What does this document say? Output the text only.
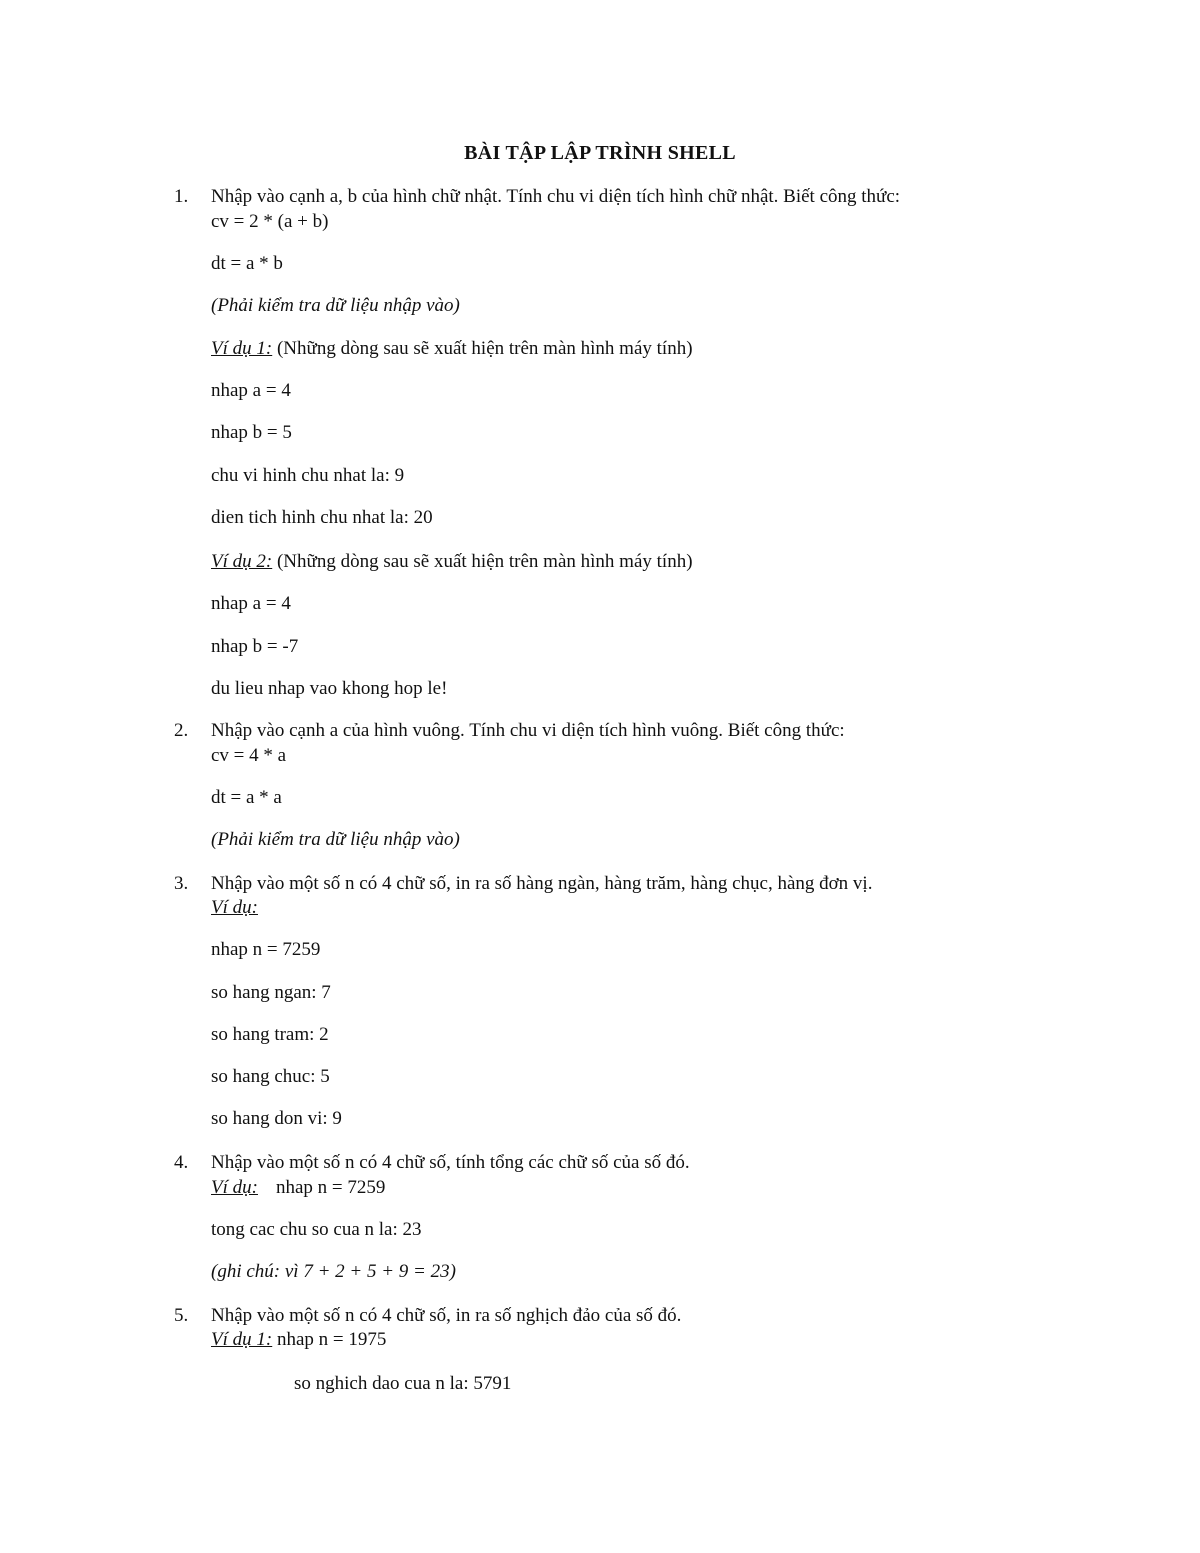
BÀI TẬP LẬP TRÌNH SHELL
1. Nhập vào cạnh a, b của hình chữ nhật. Tính chu vi diện tích hình chữ nhật. Biết công thức:
cv = 2 * (a + b)
dt = a * b
(Phải kiểm tra dữ liệu nhập vào)
Ví dụ 1: (Những dòng sau sẽ xuất hiện trên màn hình máy tính)
nhap a = 4
nhap b = 5
chu vi hinh chu nhat la: 9
dien tich hinh chu nhat la: 20
Ví dụ 2: (Những dòng sau sẽ xuất hiện trên màn hình máy tính)
nhap a = 4
nhap b = -7
du lieu nhap vao khong hop le!
2. Nhập vào cạnh a của hình vuông. Tính chu vi diện tích hình vuông. Biết công thức:
cv = 4 * a
dt = a * a
(Phải kiểm tra dữ liệu nhập vào)
3. Nhập vào một số n có 4 chữ số, in ra số hàng ngàn, hàng trăm, hàng chục, hàng đơn vị.
Ví dụ:
nhap n = 7259
so hang ngan: 7
so hang tram: 2
so hang chuc: 5
so hang don vi: 9
4. Nhập vào một số n có 4 chữ số, tính tổng các chữ số của số đó.
Ví dụ: nhap n = 7259
tong cac chu so cua n la: 23
(ghi chú: vì 7 + 2 + 5 + 9 = 23)
5. Nhập vào một số n có 4 chữ số, in ra số nghịch đảo của số đó.
Ví dụ 1: nhap n = 1975
so nghich dao cua n la: 5791
